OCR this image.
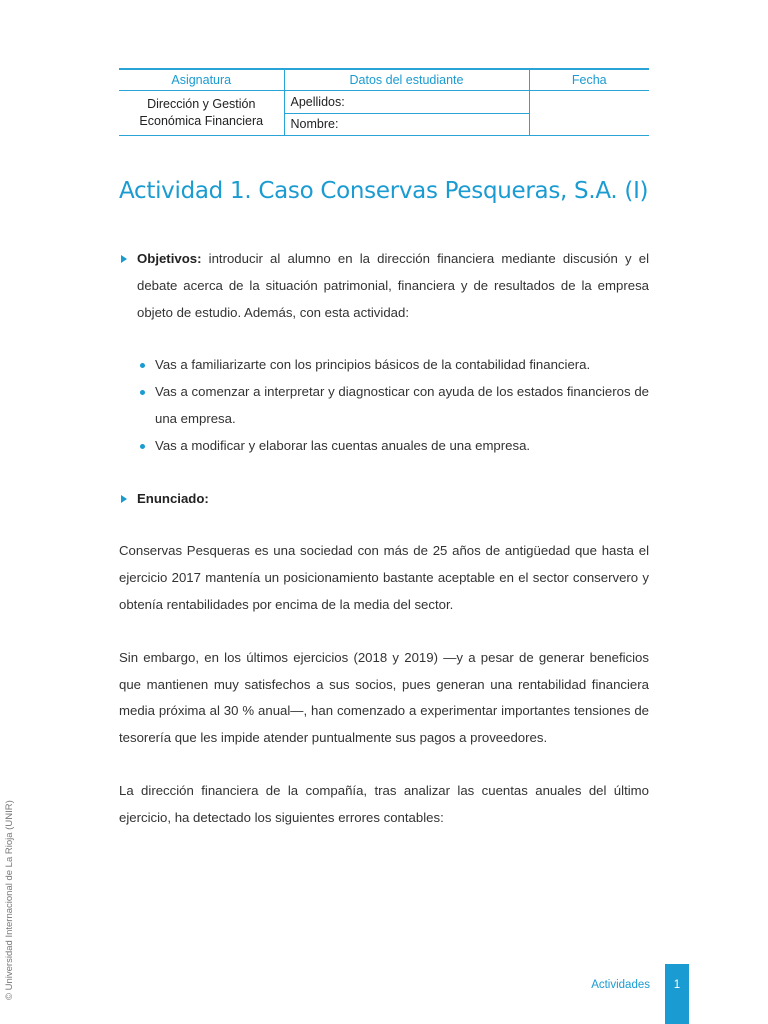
Asignatura	Datos del estudiante	Fecha
Dirección y Gestión
Económica Financiera	Apellidos:	
	Nombre:	
Actividad 1. Caso Conservas Pesqueras, S.A. (I)

Objetivos: introducir al alumno en la dirección financiera mediante discusión y el debate acerca de la situación patrimonial, financiera y de resultados de la empresa objeto de estudio. Además, con esta actividad:

Vas a familiarizarte con los principios básicos de la contabilidad financiera.
Vas a comenzar a interpretar y diagnosticar con ayuda de los estados financieros de una empresa.
Vas a modificar y elaborar las cuentas anuales de una empresa.

Enunciado:

Conservas Pesqueras es una sociedad con más de 25 años de antigüedad que hasta el ejercicio 2017 mantenía un posicionamiento bastante aceptable en el sector conservero y obtenía rentabilidades por encima de la media del sector.

Sin embargo, en los últimos ejercicios (2018 y 2019) —y a pesar de generar beneficios que mantienen muy satisfechos a sus socios, pues generan una rentabilidad financiera media próxima al 30 % anual—, han comenzado a experimentar importantes tensiones de tesorería que les impide atender puntualmente sus pagos a proveedores.

La dirección financiera de la compañía, tras analizar las cuentas anuales del último ejercicio, ha detectado los siguientes errores contables:

© Universidad Internacional de La Rioja (UNIR)	Actividades	1
